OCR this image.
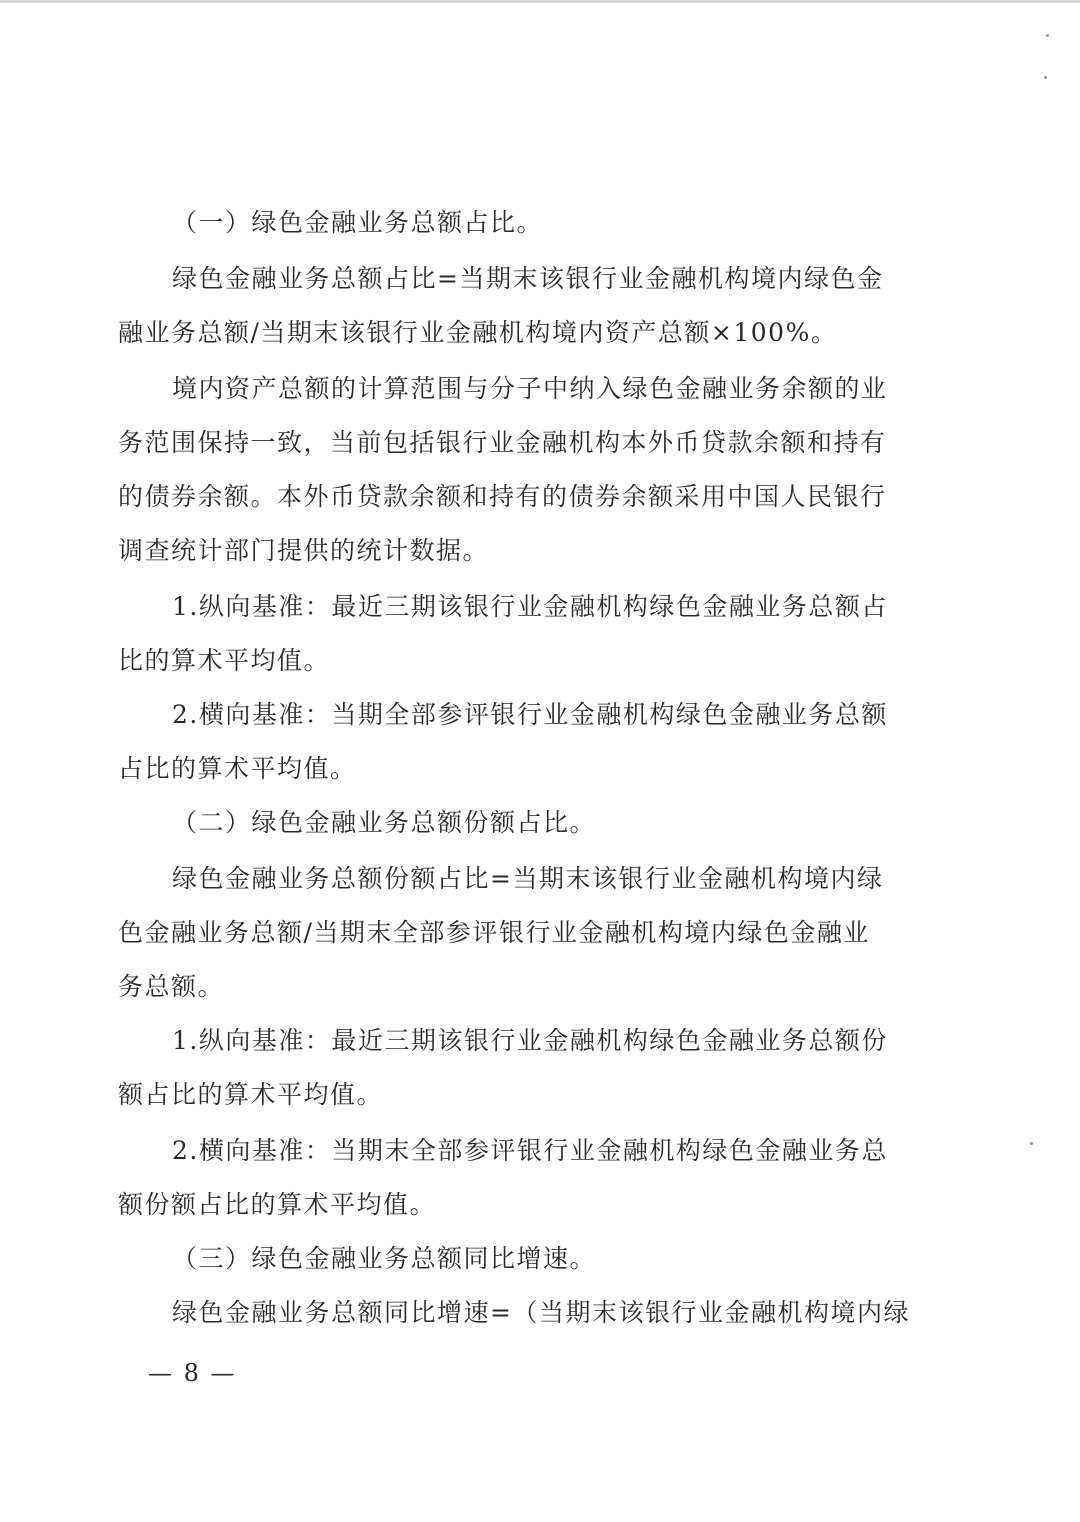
（一）绿色金融业务总额占比。
绿色金融业务总额占比=当期末该银行业金融机构境内绿色金
融业务总额/当期末该银行业金融机构境内资产总额×100%。
境内资产总额的计算范围与分子中纳入绿色金融业务余额的业
务范围保持一致，当前包括银行业金融机构本外币贷款余额和持有
的债券余额。本外币贷款余额和持有的债券余额采用中国人民银行
调查统计部门提供的统计数据。
1.纵向基准：最近三期该银行业金融机构绿色金融业务总额占
比的算术平均值。
2.横向基准：当期全部参评银行业金融机构绿色金融业务总额
占比的算术平均值。
（二）绿色金融业务总额份额占比。
绿色金融业务总额份额占比=当期末该银行业金融机构境内绿
色金融业务总额/当期末全部参评银行业金融机构境内绿色金融业
务总额。
1.纵向基准：最近三期该银行业金融机构绿色金融业务总额份
额占比的算术平均值。
2.横向基准：当期末全部参评银行业金融机构绿色金融业务总
额份额占比的算术平均值。
（三）绿色金融业务总额同比增速。
绿色金融业务总额同比增速=（当期末该银行业金融机构境内绿
— 8 —
